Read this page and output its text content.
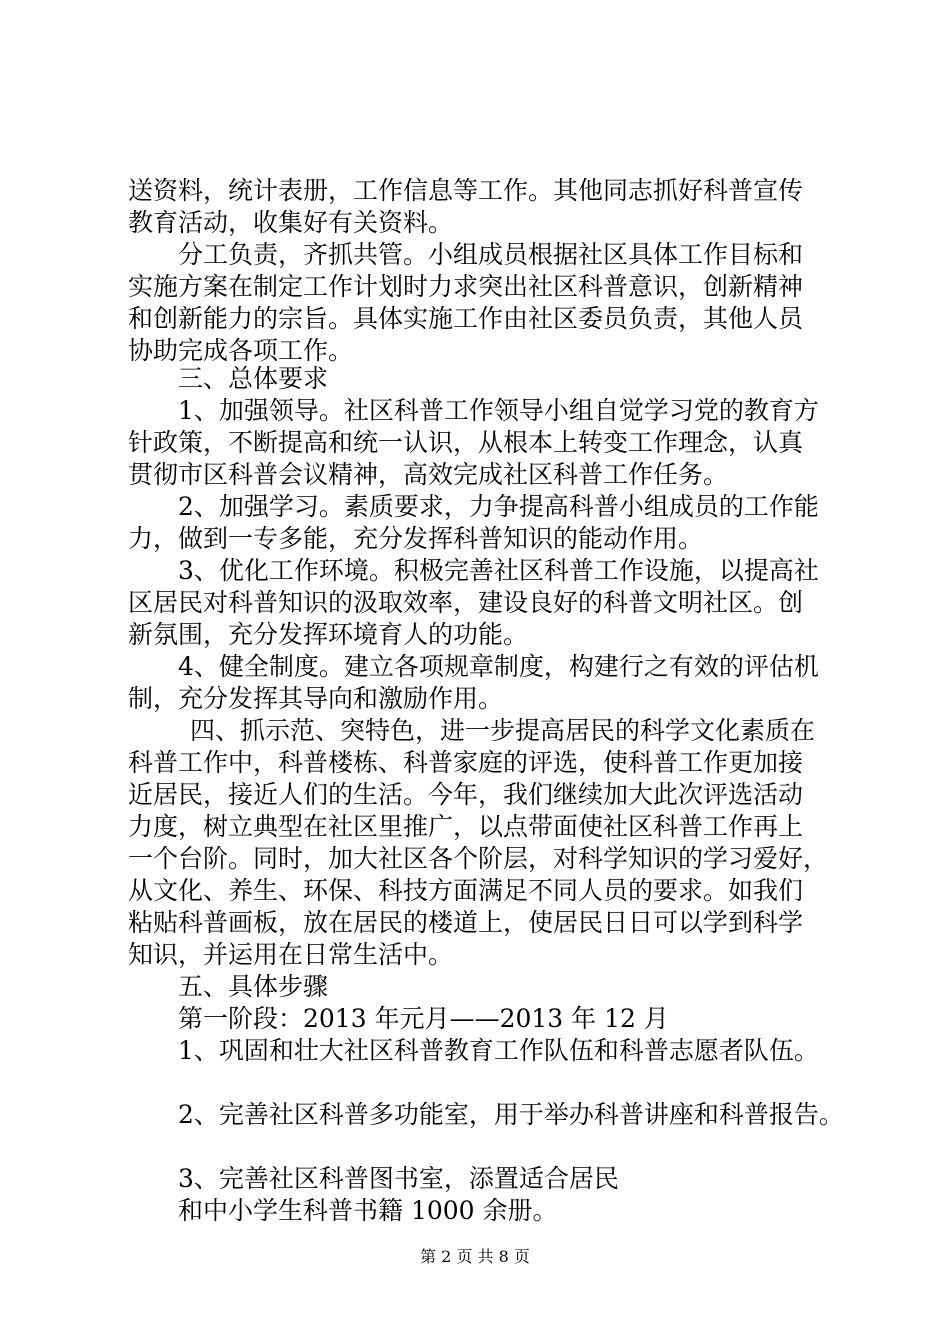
送资料，统计表册，工作信息等工作。其他同志抓好科普宣传
教育活动，收集好有关资料。
分工负责，齐抓共管。小组成员根据社区具体工作目标和
实施方案在制定工作计划时力求突出社区科普意识，创新精神
和创新能力的宗旨。具体实施工作由社区委员负责，其他人员
协助完成各项工作。
三、总体要求
1、加强领导。社区科普工作领导小组自觉学习党的教育方
针政策，不断提高和统一认识，从根本上转变工作理念，认真
贯彻市区科普会议精神，高效完成社区科普工作任务。
2、加强学习。素质要求，力争提高科普小组成员的工作能
力，做到一专多能，充分发挥科普知识的能动作用。
3、优化工作环境。积极完善社区科普工作设施，以提高社
区居民对科普知识的汲取效率，建设良好的科普文明社区。创
新氛围，充分发挥环境育人的功能。
4、健全制度。建立各项规章制度，构建行之有效的评估机
制，充分发挥其导向和激励作用。
四、抓示范、突特色，进一步提高居民的科学文化素质在
科普工作中，科普楼栋、科普家庭的评选，使科普工作更加接
近居民，接近人们的生活。今年，我们继续加大此次评选活动
力度，树立典型在社区里推广，以点带面使社区科普工作再上
一个台阶。同时，加大社区各个阶层，对科学知识的学习爱好，
从文化、养生、环保、科技方面满足不同人员的要求。如我们
粘贴科普画板，放在居民的楼道上，使居民日日可以学到科学
知识，并运用在日常生活中。
五、具体步骤
第一阶段：2013 年元月——2013 年 12 月
1、巩固和壮大社区科普教育工作队伍和科普志愿者队伍。
2、完善社区科普多功能室，用于举办科普讲座和科普报告。
3、完善社区科普图书室，添置适合居民
和中小学生科普书籍 1000 余册。
第 2 页 共 8 页
